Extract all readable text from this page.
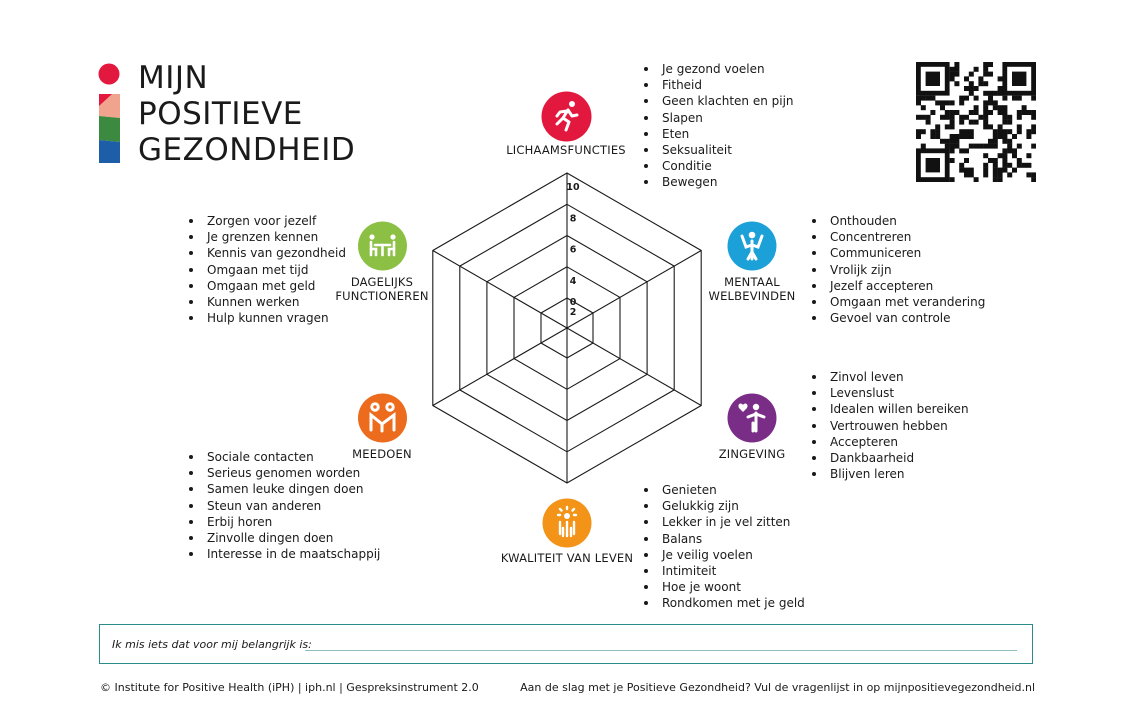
MIJN
POSITIEVE
GEZONDHEID
10
8
6
4
2
0
LICHAAMSFUNCTIES
MENTAAL
WELBEVINDEN
ZINGEVING
KWALITEIT VAN LEVEN
MEEDOEN
DAGELIJKS
FUNCTIONEREN
Je gezond voelen
Fitheid
Geen klachten en pijn
Slapen
Eten
Seksualiteit
Conditie
Bewegen
Onthouden
Concentreren
Communiceren
Vrolijk zijn
Jezelf accepteren
Omgaan met verandering
Gevoel van controle
Zinvol leven
Levenslust
Idealen willen bereiken
Vertrouwen hebben
Accepteren
Dankbaarheid
Blijven leren
Genieten
Gelukkig zijn
Lekker in je vel zitten
Balans
Je veilig voelen
Intimiteit
Hoe je woont
Rondkomen met je geld
Sociale contacten
Serieus genomen worden
Samen leuke dingen doen
Steun van anderen
Erbij horen
Zinvolle dingen doen
Interesse in de maatschappij
Zorgen voor jezelf
Je grenzen kennen
Kennis van gezondheid
Omgaan met tijd
Omgaan met geld
Kunnen werken
Hulp kunnen vragen
Ik mis iets dat voor mij belangrijk is:
© Institute for Positive Health (iPH) | iph.nl | Gespreksinstrument 2.0	Aan de slag met je Positieve Gezondheid? Vul de vragenlijst in op mijnpositievegezondheid.nl
